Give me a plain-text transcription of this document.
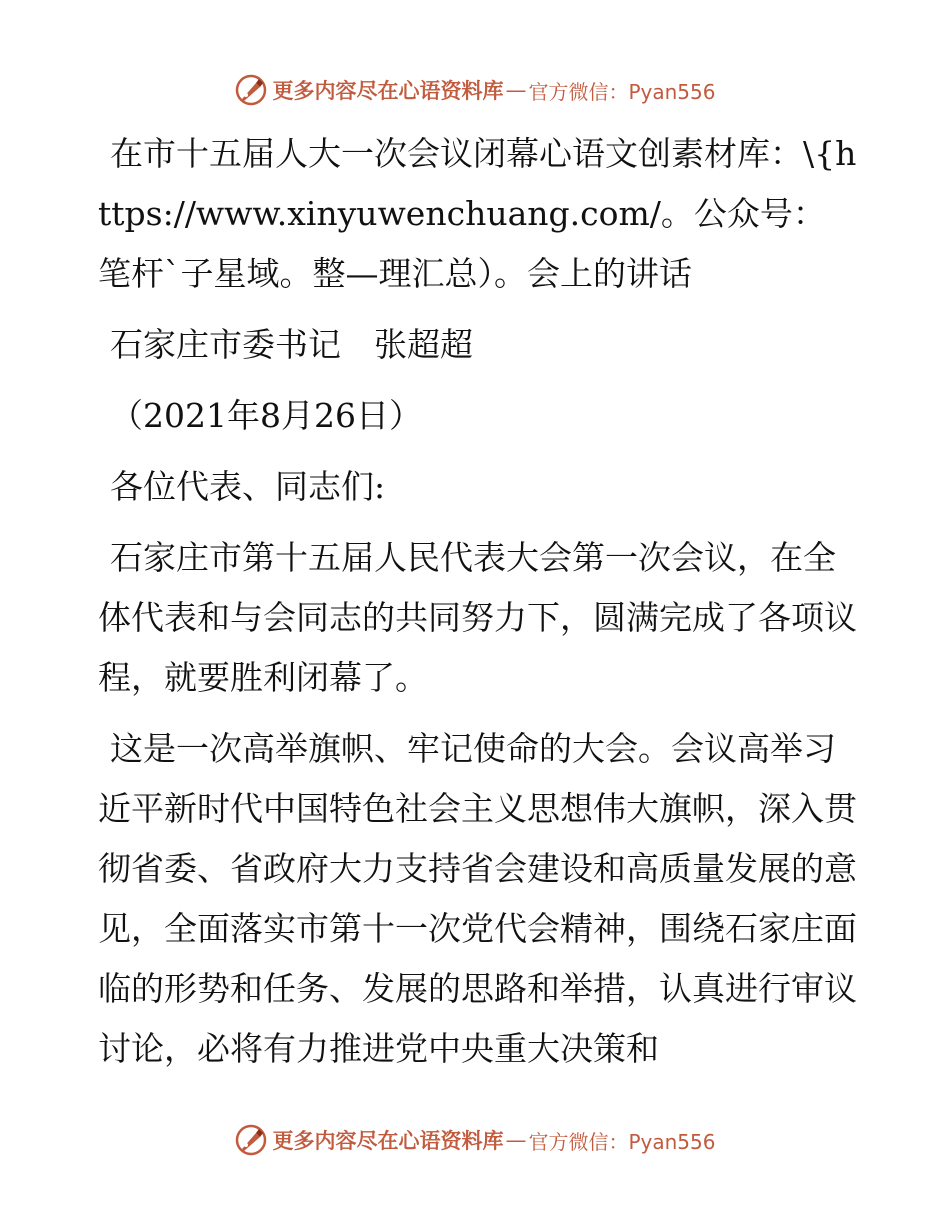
更多内容尽在心语资料库 — 官方微信：Pyan556

在市十五届人大一次会议闭幕心语文创素材库：\{https://www.xinyuwenchuang.com/。公众号：笔杆`子星域。整—理汇总）。会上的讲话

石家庄市委书记　张超超

（2021年8月26日）

各位代表、同志们:

石家庄市第十五届人民代表大会第一次会议，在全体代表和与会同志的共同努力下，圆满完成了各项议程，就要胜利闭幕了。

这是一次高举旗帜、牢记使命的大会。会议高举习近平新时代中国特色社会主义思想伟大旗帜，深入贯彻省委、省政府大力支持省会建设和高质量发展的意见，全面落实市第十一次党代会精神，围绕石家庄面临的形势和任务、发展的思路和举措，认真进行审议讨论，必将有力推进党中央重大决策和

更多内容尽在心语资料库 — 官方微信：Pyan556
